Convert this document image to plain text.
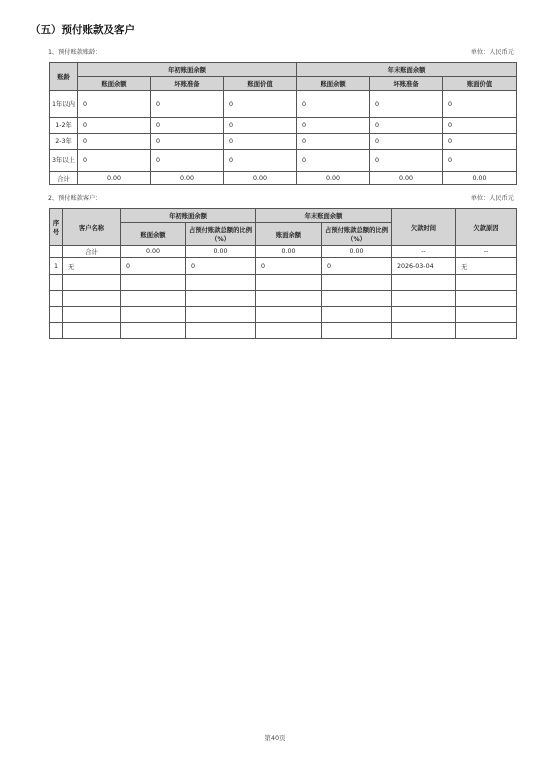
（五）预付账款及客户
1、预付账款账龄：	单位：人民币元
账龄	年初账面余额			年末账面余额		
	账面余额	坏账准备	账面价值	账面余额	坏账准备	账面价值
1年以内	0	0	0	0	0	0
1-2年	0	0	0	0	0	0
2-3年	0	0	0	0	0	0
3年以上	0	0	0	0	0	0
合计	0.00	0.00	0.00	0.00	0.00	0.00
2、预付账款客户：	单位：人民币元
序号	客户名称	年初账面余额		年末账面余额		欠款时间	欠款原因
		账面余额	占预付账款总额的比例（%）	账面余额	占预付账款总额的比例（%）		
	合计	0.00	0.00	0.00	0.00	--	--
1	无	0	0	0	0	2026-03-04	无

第40页
